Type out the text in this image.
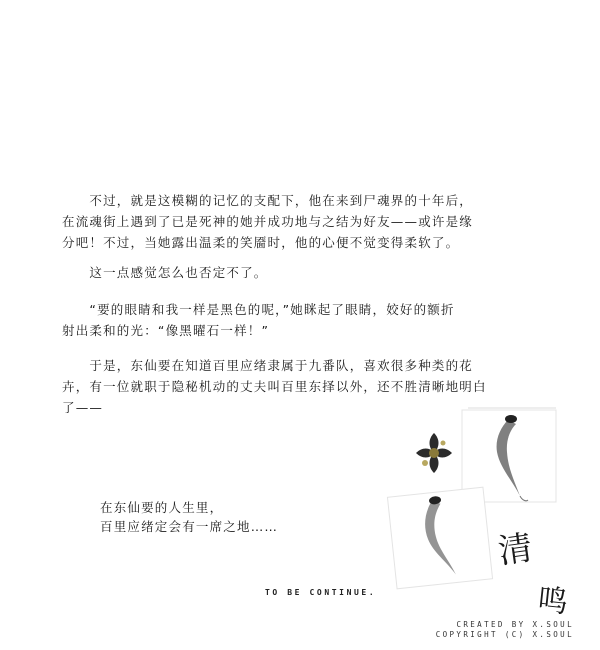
　　不过，就是这模糊的记忆的支配下，他在来到尸魂界的十年后，
在流魂街上遇到了已是死神的她并成功地与之结为好友——或许是缘
分吧！不过，当她露出温柔的笑靥时，他的心便不觉变得柔软了。

　　这一点感觉怎么也否定不了。

　　“要的眼睛和我一样是黑色的呢，”她眯起了眼睛，姣好的额折
射出柔和的光：“像黑曜石一样！”

　　于是，东仙要在知道百里应绪隶属于九番队，喜欢很多种类的花
卉，有一位就职于隐秘机动的丈夫叫百里东择以外，还不胜清晰地明白
了——

在东仙要的人生里，
百里应绪定会有一席之地……
TO BE CONTINUE.
清
鸣
CREATED BY X.SOUL
COPYRIGHT (C) X.SOUL
